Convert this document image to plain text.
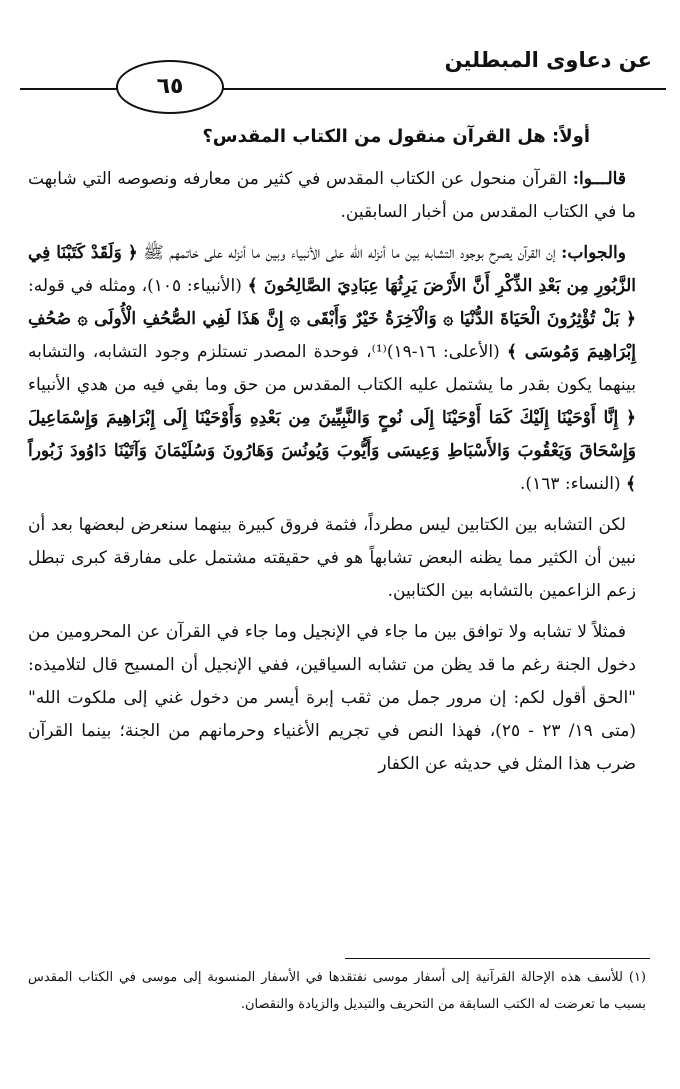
عن دعاوى المبطلين
٦٥

أولاً: هل القرآن منقول من الكتاب المقدس؟

قالـــوا: القرآن منحول عن الكتاب المقدس في كثير من معارفه ونصوصه التي شابهت ما في الكتاب المقدس من أخبار السابقين.

والجواب: إن القرآن يصرح بوجود التشابه بين ما أنزله الله على الأنبياء وبين ما أنزله على خاتمهم ﷺ ﴿ وَلَقَدْ كَتَبْنَا فِي الزَّبُورِ مِن بَعْدِ الذِّكْرِ أَنَّ الأَرْضَ يَرِثُهَا عِبَادِيَ الصَّالِحُونَ ﴾ (الأنبياء: ١٠٥)، ومثله في قوله: ﴿ بَلْ تُؤْثِرُونَ الْحَيَاةَ الدُّنْيَا ۞ وَالْآخِرَةُ خَيْرٌ وَأَبْقَى ۞ إِنَّ هَذَا لَفِي الصُّحُفِ الْأُولَى ۞ صُحُفِ إِبْرَاهِيمَ وَمُوسَى ﴾ (الأعلى: ١٦-١٩)⁽¹⁾، فوحدة المصدر تستلزم وجود التشابه، والتشابه بينهما يكون بقدر ما يشتمل عليه الكتاب المقدس من حق وما بقي فيه من هدي الأنبياء ﴿ إِنَّا أَوْحَيْنَا إِلَيْكَ كَمَا أَوْحَيْنَا إِلَى نُوحٍ وَالنَّبِيِّينَ مِن بَعْدِهِ وَأَوْحَيْنَا إِلَى إِبْرَاهِيمَ وَإِسْمَاعِيلَ وَإِسْحَاقَ وَيَعْقُوبَ وَالأَسْبَاطِ وَعِيسَى وَأَيُّوبَ وَيُونُسَ وَهَارُونَ وَسُلَيْمَانَ وَآتَيْنَا دَاوُودَ زَبُوراً ﴾ (النساء: ١٦٣).

لكن التشابه بين الكتابين ليس مطرداً، فثمة فروق كبيرة بينهما سنعرض لبعضها بعد أن نبين أن الكثير مما يظنه البعض تشابهاً هو في حقيقته مشتمل على مفارقة كبرى تبطل زعم الزاعمين بالتشابه بين الكتابين.

فمثلاً لا تشابه ولا توافق بين ما جاء في الإنجيل وما جاء في القرآن عن المحرومين من دخول الجنة رغم ما قد يظن من تشابه السياقين، ففي الإنجيل أن المسيح قال لتلاميذه: "الحق أقول لكم: إن مرور جمل من ثقب إبرة أيسر من دخول غني إلى ملكوت الله" (متى ١٩/ ٢٣ - ٢٥)، فهذا النص في تجريم الأغنياء وحرمانهم من الجنة؛ بينما القرآن ضرب هذا المثل في حديثه عن الكفار

(١) للأسف هذه الإحالة القرآنية إلى أسفار موسى نفتقدها في الأسفار المنسوبة إلى موسى في الكتاب المقدس بسبب ما تعرضت له الكتب السابقة من التحريف والتبديل والزيادة والنقصان.
